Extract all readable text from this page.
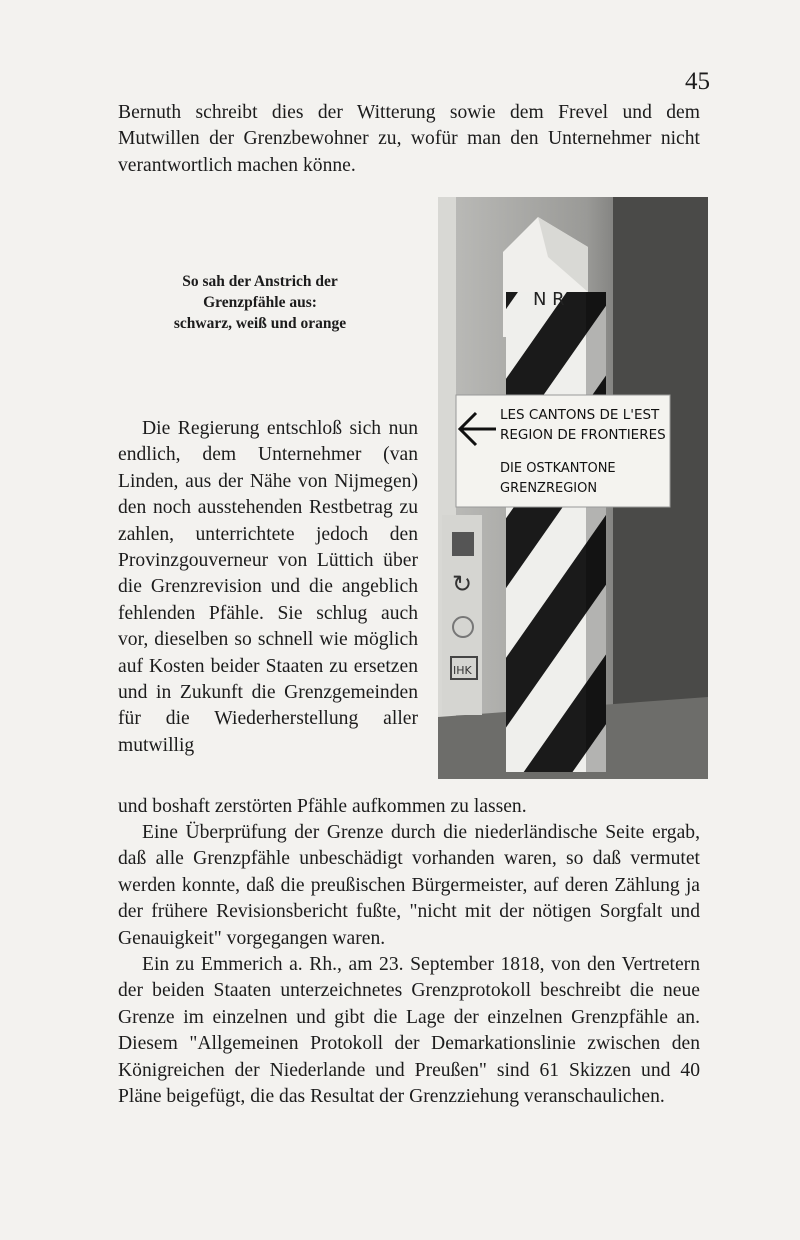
45

Bernuth schreibt dies der Witterung sowie dem Frevel und dem Mutwillen der Grenzbewohner zu, wofür man den Unternehmer nicht verantwortlich machen könne.

So sah der Anstrich der
Grenzpfähle aus:
schwarz, weiß und orange
N R
LES CANTONS DE L'EST
REGION DE FRONTIERES
DIE OSTKANTONE
GRENZREGION
↻
IHK

Die Regierung entschloß sich nun endlich, dem Unternehmer (van Linden, aus der Nähe von Nijmegen) den noch ausstehenden Restbetrag zu zahlen, unterrichtete jedoch den Provinzgouverneur von Lüttich über die Grenzrevision und die angeblich fehlenden Pfähle. Sie schlug auch vor, dieselben so schnell wie möglich auf Kosten beider Staaten zu ersetzen und in Zukunft die Grenzgemeinden für die Wiederherstellung aller mutwillig

und boshaft zerstörten Pfähle aufkommen zu lassen.

Eine Überprüfung der Grenze durch die niederländische Seite ergab, daß alle Grenzpfähle unbeschädigt vorhanden waren, so daß vermutet werden konnte, daß die preußischen Bürgermeister, auf deren Zählung ja der frühere Revisionsbericht fußte, "nicht mit der nötigen Sorgfalt und Genauigkeit" vorgegangen waren.

Ein zu Emmerich a. Rh., am 23. September 1818, von den Vertretern der beiden Staaten unterzeichnetes Grenzprotokoll beschreibt die neue Grenze im einzelnen und gibt die Lage der einzelnen Grenzpfähle an. Diesem "Allgemeinen Protokoll der Demarkationslinie zwischen den Königreichen der Niederlande und Preußen" sind 61 Skizzen und 40 Pläne beigefügt, die das Resultat der Grenzziehung veranschaulichen.
